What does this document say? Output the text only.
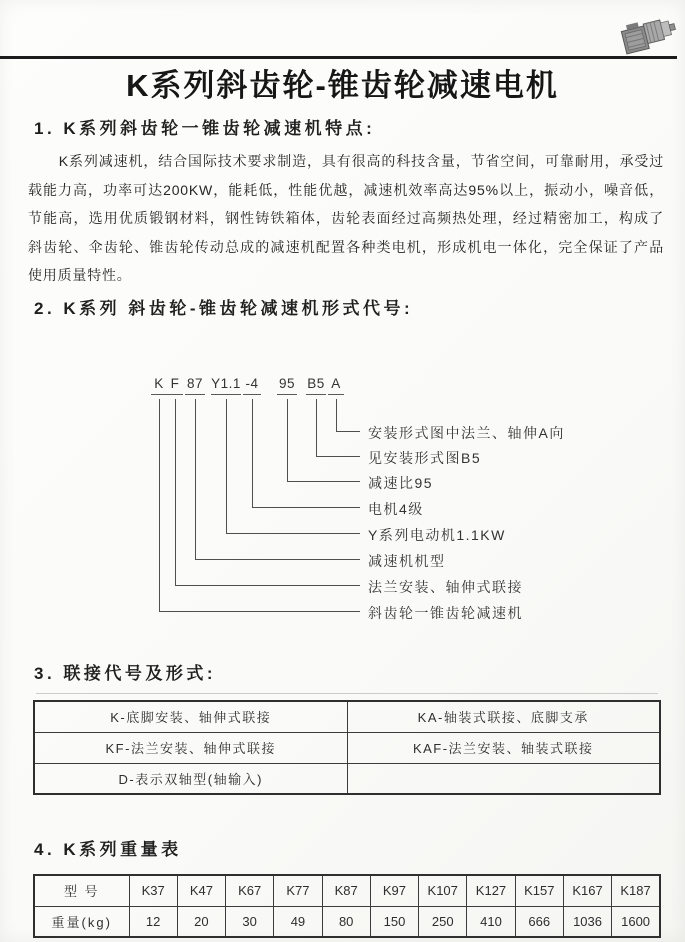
K系列斜齿轮-锥齿轮减速电机
1. K系列斜齿轮一锥齿轮减速机特点:
K系列减速机，结合国际技术要求制造，具有很高的科技含量，节省空间，可靠耐用，承受过载能力高，功率可达200KW，能耗低，性能优越，减速机效率高达95%以上，振动小，噪音低，节能高，选用优质锻钢材料，钢性铸铁箱体，齿轮表面经过高频热处理，经过精密加工，构成了斜齿轮、伞齿轮、锥齿轮传动总成的减速机配置各种类电机，形成机电一体化，完全保证了产品使用质量特性。
2. K系列 斜齿轮-锥齿轮减速机形式代号:
K F 87 Y1.1 -4 95 B5 A
斜齿轮一锥齿轮减速机
法兰安装、轴伸式联接
减速机机型
Y系列电动机1.1KW
电机4级
减速比95
见安装形式图B5
安装形式图中法兰、轴伸A向
3. 联接代号及形式:
K-底脚安装、轴伸式联接	KA-轴装式联接、底脚支承
KF-法兰安装、轴伸式联接	KAF-法兰安装、轴装式联接
D-表示双轴型(轴输入)	
4. K系列重量表
型 号	K37	K47	K67	K77	K87	K97	K107	K127	K157	K167	K187
重量(kg)	12	20	30	49	80	150	250	410	666	1036	1600
